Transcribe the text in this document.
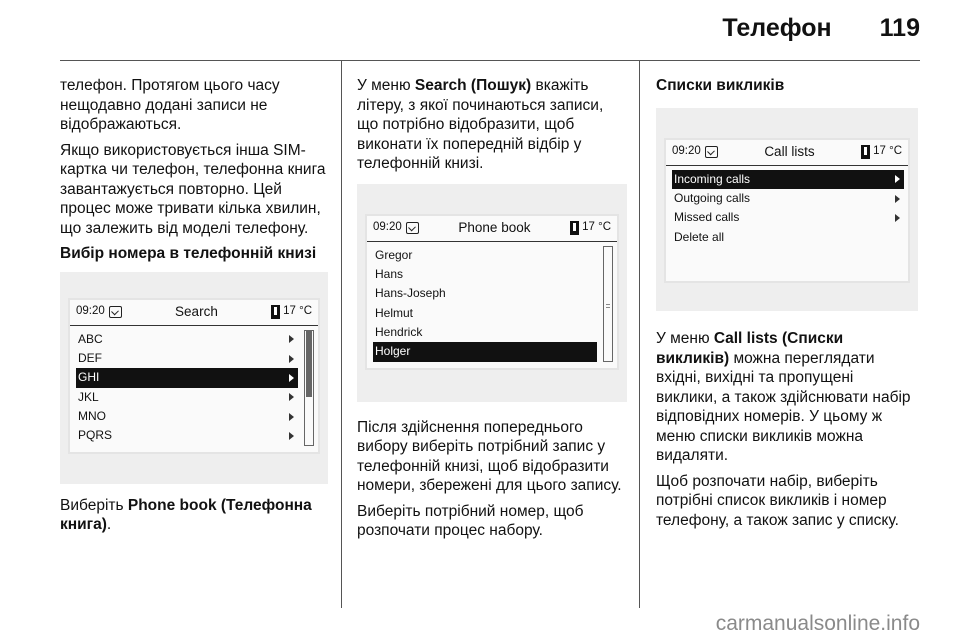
Телефон 119

телефон. Протягом цього часу нещодавно додані записи не відображаються.

Якщо використовується інша SIM-картка чи телефон, телефонна книга завантажується повторно. Цей процес може тривати кілька хвилин, що залежить від моделі телефону.

Вибір номера в телефонній книзі

09:20	Search	17 °C
ABC
DEF
GHI
JKL
MNO
PQRS

Виберіть Phone book (Телефонна книга).

У меню Search (Пошук) вкажіть літеру, з якої починаються записи, що потрібно відобразити, щоб виконати їх попередній відбір у телефонній книзі.

09:20	Phone book	17 °C
Gregor
Hans
Hans-Joseph
Helmut
Hendrick
Holger

Після здійснення попереднього вибору виберіть потрібний запис у телефонній книзі, щоб відобразити номери, збережені для цього запису.

Виберіть потрібний номер, щоб розпочати процес набору.

Списки викликів

09:20	Call lists	17 °C
Incoming calls
Outgoing calls
Missed calls
Delete all

У меню Call lists (Списки викликів) можна переглядати вхідні, вихідні та пропущені виклики, а також здійснювати набір відповідних номерів. У цьому ж меню списки викликів можна видаляти.

Щоб розпочати набір, виберіть потрібні список викликів і номер телефону, а також запис у списку.

carmanualsonline.info
